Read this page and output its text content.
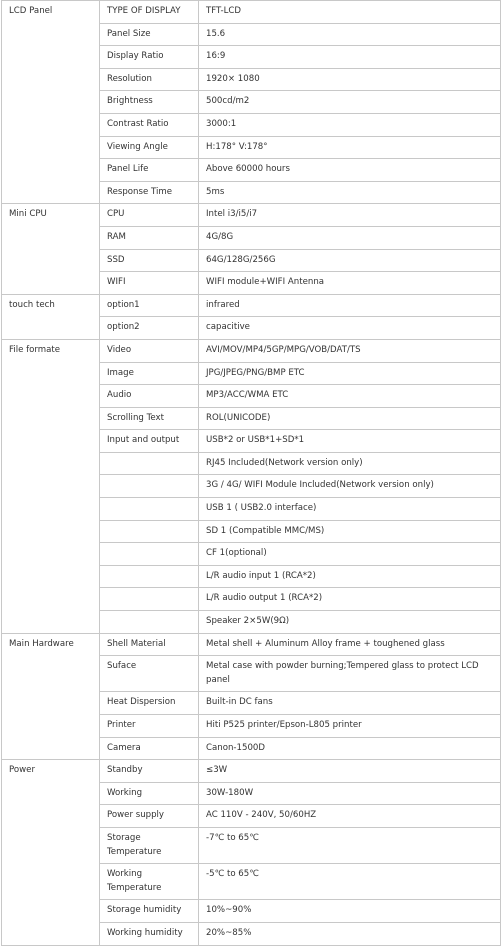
LCD Panel	TYPE OF DISPLAY	TFT-LCD
	Panel Size	15.6
	Display Ratio	16:9
	Resolution	1920× 1080
	Brightness	500cd/m2
	Contrast Ratio	3000:1
	Viewing Angle	H:178° V:178°
	Panel Life	Above 60000 hours
	Response Time	5ms
Mini CPU	CPU	Intel i3/i5/i7
	RAM	4G/8G
	SSD	64G/128G/256G
	WIFI	WIFI module+WIFI Antenna
touch tech	option1	infrared
	option2	capacitive
File formate	Video	AVI/MOV/MP4/5GP/MPG/VOB/DAT/TS
	Image	JPG/JPEG/PNG/BMP ETC
	Audio	MP3/ACC/WMA ETC
	Scrolling Text	ROL(UNICODE)
	Input and output	USB*2 or USB*1+SD*1
		RJ45 Included(Network version only)
		3G / 4G/ WIFI Module Included(Network version only)
		USB 1 ( USB2.0 interface)
		SD 1 (Compatible MMC/MS)
		CF 1(optional)
		L/R audio input 1 (RCA*2)
		L/R audio output 1 (RCA*2)
		Speaker 2×5W(9Ω)
Main Hardware	Shell Material	Metal shell + Aluminum Alloy frame + toughened glass
	Suface	Metal case with powder burning;Tempered glass to protect LCD panel
	Heat Dispersion	Built-in DC fans
	Printer	Hiti P525 printer/Epson-L805 printer
	Camera	Canon-1500D
Power	Standby	≤3W
	Working	30W-180W
	Power supply	AC 110V - 240V, 50/60HZ
	Storage Temperature	-7℃ to 65℃
	Working Temperature	-5℃ to 65℃
	Storage humidity	10%~90%
	Working humidity	20%~85%
